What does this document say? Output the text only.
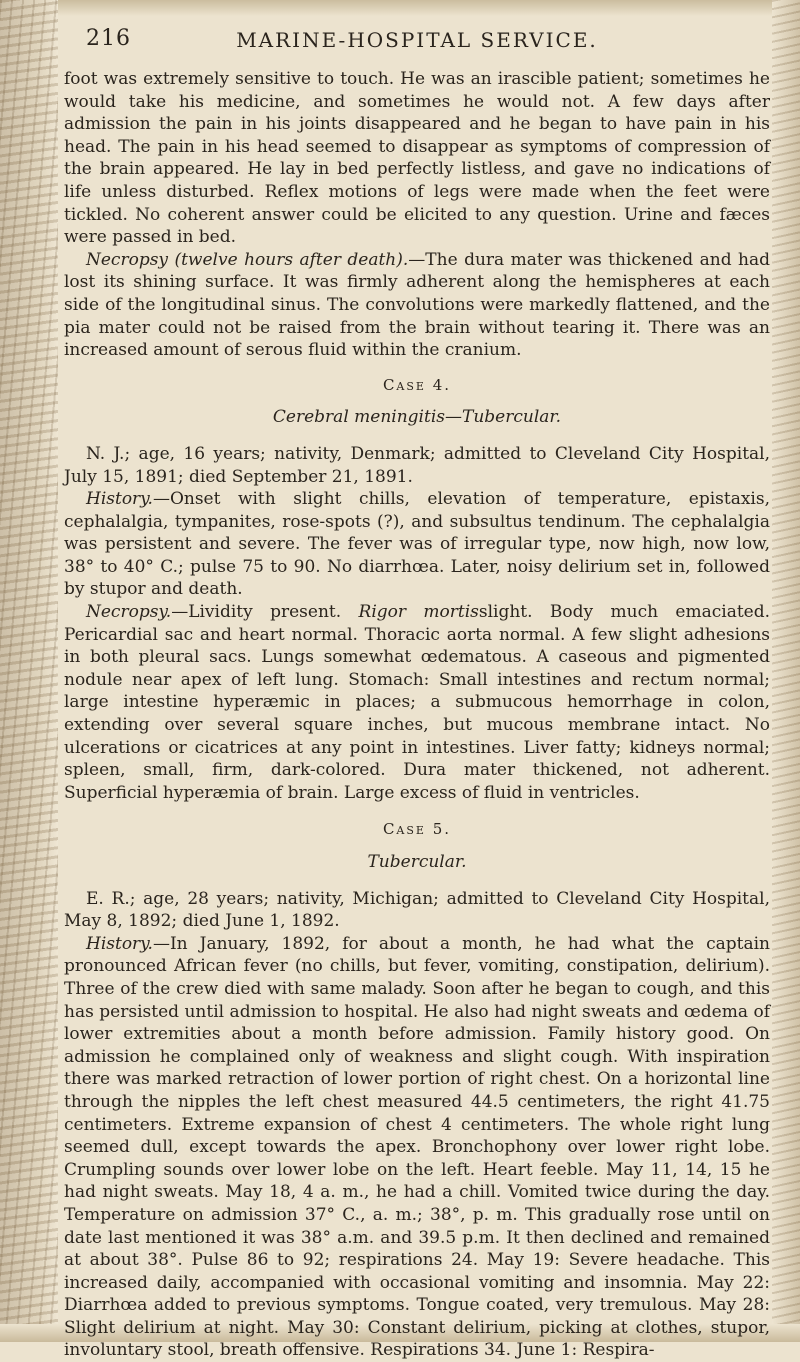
216	MARINE-HOSPITAL SERVICE.

foot was extremely sensitive to touch. He was an irascible patient; sometimes he would take his medicine, and sometimes he would not. A few days after admission the pain in his joints disappeared and he began to have pain in his head. The pain in his head seemed to disappear as symptoms of compression of the brain appeared. He lay in bed perfectly listless, and gave no indications of life unless disturbed. Reflex motions of legs were made when the feet were tickled. No coherent answer could be elicited to any question. Urine and fæces were passed in bed.

Necropsy (twelve hours after death).—The dura mater was thickened and had lost its shining surface. It was firmly adherent along the hemispheres at each side of the longitudinal sinus. The convolutions were markedly flattened, and the pia mater could not be raised from the brain without tearing it. There was an increased amount of serous fluid within the cranium.

Case 4.
Cerebral meningitis—Tubercular.

N. J.; age, 16 years; nativity, Denmark; admitted to Cleveland City Hospital, July 15, 1891; died September 21, 1891.

History.—Onset with slight chills, elevation of temperature, epistaxis, cephalalgia, tympanites, rose-spots (?), and subsultus tendinum. The cephalalgia was persistent and severe. The fever was of irregular type, now high, now low, 38° to 40° C.; pulse 75 to 90. No diarrhœa. Later, noisy delirium set in, followed by stupor and death.

Necropsy.—Lividity present. Rigor mortisslight. Body much emaciated. Pericardial sac and heart normal. Thoracic aorta normal. A few slight adhesions in both pleural sacs. Lungs somewhat œdematous. A caseous and pigmented nodule near apex of left lung. Stomach: Small intestines and rectum normal; large intestine hyperæmic in places; a submucous hemorrhage in colon, extending over several square inches, but mucous membrane intact. No ulcerations or cicatrices at any point in intestines. Liver fatty; kidneys normal; spleen, small, firm, dark-colored. Dura mater thickened, not adherent. Superficial hyperæmia of brain. Large excess of fluid in ventricles.

Case 5.
Tubercular.

E. R.; age, 28 years; nativity, Michigan; admitted to Cleveland City Hospital, May 8, 1892; died June 1, 1892.

History.—In January, 1892, for about a month, he had what the captain pronounced African fever (no chills, but fever, vomiting, constipation, delirium). Three of the crew died with same malady. Soon after he began to cough, and this has persisted until admission to hospital. He also had night sweats and œdema of lower extremities about a month before admission. Family history good. On admission he complained only of weakness and slight cough. With inspiration there was marked retraction of lower portion of right chest. On a horizontal line through the nipples the left chest measured 44.5 centimeters, the right 41.75 centimeters. Extreme expansion of chest 4 centimeters. The whole right lung seemed dull, except towards the apex. Bronchophony over lower right lobe. Crumpling sounds over lower lobe on the left. Heart feeble. May 11, 14, 15 he had night sweats. May 18, 4 a. m., he had a chill. Vomited twice during the day. Temperature on admission 37° C., a. m.; 38°, p. m. This gradually rose until on date last mentioned it was 38° a.m. and 39.5 p.m. It then declined and remained at about 38°. Pulse 86 to 92; respirations 24. May 19: Severe headache. This increased daily, accompanied with occasional vomiting and insomnia. May 22: Diarrhœa added to previous symptoms. Tongue coated, very tremulous. May 28: Slight delirium at night. May 30: Constant delirium, picking at clothes, stupor, involuntary stool, breath offensive. Respirations 34. June 1: Respira-
